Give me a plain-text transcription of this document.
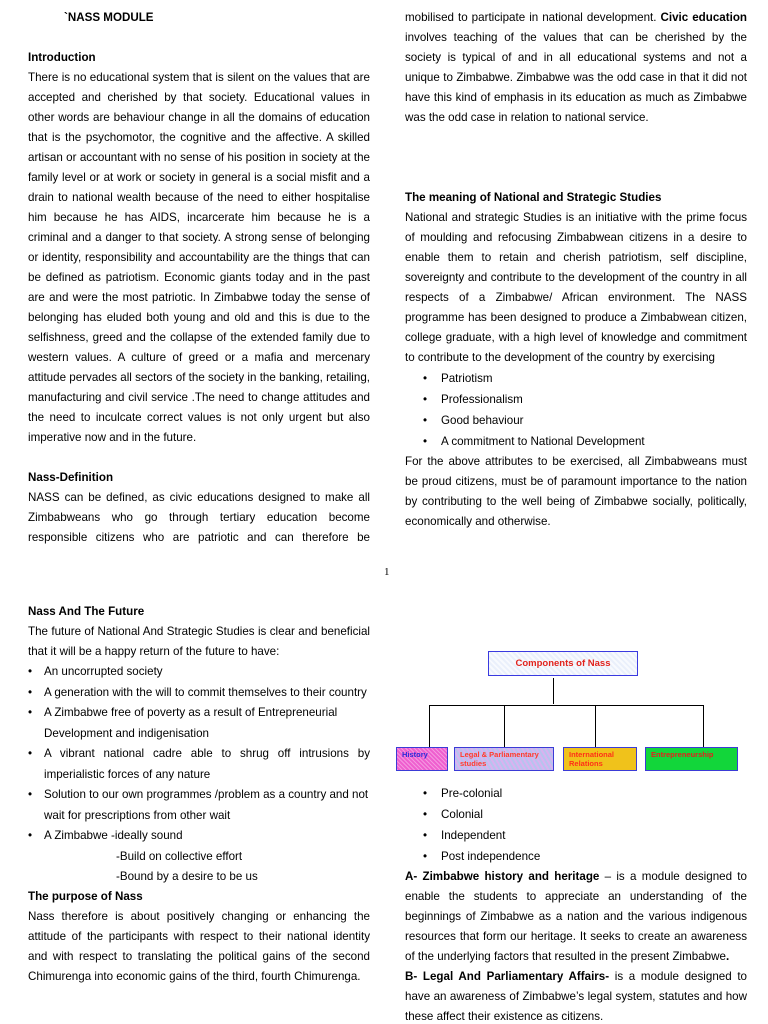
`NASS MODULE
Introduction

There is no educational system that is silent on the values that are accepted and cherished by that society. Educational values in other words are behaviour change in all the domains of education that is the psychomotor, the cognitive and the affective. A skilled artisan or accountant with no sense of his position in society at the family level or at work or society in general is a social misfit and a drain to national wealth because of the need to either hospitalise him because he has AIDS, incarcerate him because he is a criminal and a danger to that society. A strong sense of belonging or identity, responsibility and accountability are the things that can be defined as patriotism. Economic giants today and in the past are and were the most patriotic. In Zimbabwe today the sense of belonging has eluded both young and old and this is due to the selfishness, greed and the collapse of the extended family due to western values. A culture of greed or a mafia and mercenary attitude pervades all sectors of the society in the banking, retailing, manufacturing and civil service .The need to change attitudes and the need to inculcate correct values is not only urgent but also imperative now and in the future.

Nass-Definition

NASS can be defined, as civic educations designed to make all Zimbabweans who go through tertiary education become responsible citizens who are patriotic and can therefore be

mobilised to participate in national development. Civic education involves teaching of the values that can be cherished by the society is typical of and in all educational systems and not a unique to Zimbabwe. Zimbabwe was the odd case in that it did not have this kind of emphasis in its education as much as Zimbabwe was the odd case in relation to national service.

The meaning of National and Strategic Studies

National and strategic Studies is an initiative with the prime focus of moulding and refocusing Zimbabwean citizens in a desire to enable them to retain and cherish patriotism, self discipline, sovereignty and contribute to the development of the country in all respects of a Zimbabwe/ African environment. The NASS programme has been designed to produce a Zimbabwean citizen, college graduate, with a high level of knowledge and commitment to contribute to the development of the country by exercising

• Patriotism
• Professionalism
• Good behaviour
• A commitment to National Development

For the above attributes to be exercised, all Zimbabweans must be proud citizens, must be of paramount importance to the nation by contributing to the well being of Zimbabwe socially, politically, economically and otherwise.

1
Nass And The Future

The future of National And Strategic Studies is clear and beneficial that it will be a happy return of the future to have:

• An uncorrupted society
• A generation with the will to commit themselves to their country
• A Zimbabwe free of poverty as a result of Entrepreneurial Development and indigenisation
• A vibrant national cadre able to shrug off intrusions by imperialistic forces of any nature
• Solution to our own programmes /problem as a country and not wait for prescriptions from other wait
• A Zimbabwe -ideally sound
-Build on collective effort
-Bound by a desire to be us
The purpose of Nass

Nass therefore is about positively changing or enhancing the attitude of the participants with respect to their national identity and with respect to translating the political gains of the second Chimurenga into economic gains of the third, fourth Chimurenga.

Components of Nass
History	Legal & Parliamentary studies
International Relations
Entrepreneurship
• Pre-colonial
• Colonial
• Independent
• Post independence

A- Zimbabwe history and heritage – is a module designed to enable the students to appreciate an understanding of the beginnings of Zimbabwe as a nation and the various indigenous resources that form our heritage. It seeks to create an awareness of the underlying factors that resulted in the present Zimbabwe.

B- Legal And Parliamentary Affairs- is a module designed to have an awareness of Zimbabwe’s legal system, statutes and how these affect their existence as citizens.
